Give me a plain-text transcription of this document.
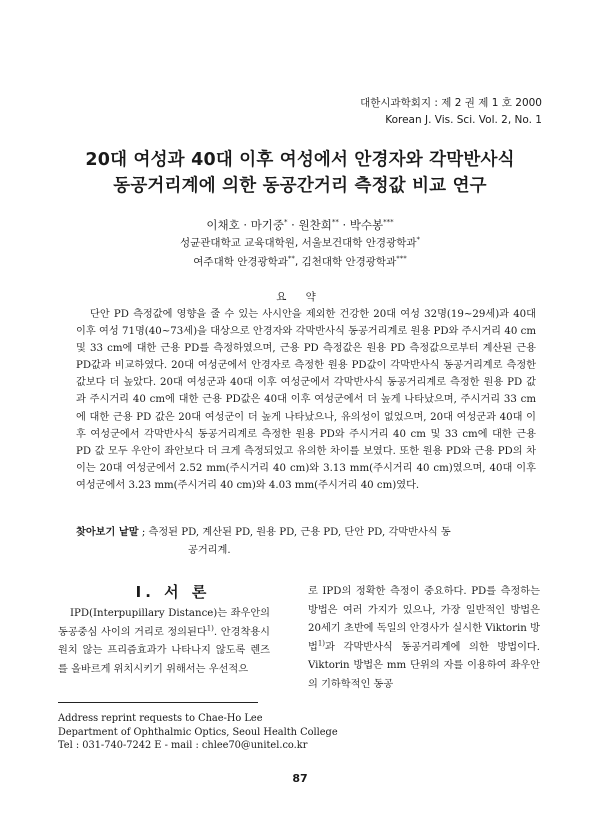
대한시과학회지 : 제 2 권 제 1 호 2000
Korean J. Vis. Sci. Vol. 2, No. 1
20대 여성과 40대 이후 여성에서 안경자와 각막반사식
동공거리계에 의한 동공간거리 측정값 비교 연구
이채호 · 마기중* · 원찬희** · 박수봉***
성균관대학교 교육대학원, 서울보건대학 안경광학과*
여주대학 안경광학과**, 김천대학 안경광학과***
요 약

단안 PD 측정값에 영향을 줄 수 있는 사시안을 제외한 건강한 20대 여성 32명(19~29세)과 40대 이후 여성 71명(40~73세)을 대상으로 안경자와 각막반사식 동공거리계로 원용 PD와 주시거리 40 cm 및 33 cm에 대한 근용 PD를 측정하였으며, 근용 PD 측정값은 원용 PD 측정값으로부터 계산된 근용 PD값과 비교하였다. 20대 여성군에서 안경자로 측정한 원용 PD값이 각막반사식 동공거리계로 측정한 값보다 더 높았다. 20대 여성군과 40대 이후 여성군에서 각막반사식 동공거리계로 측정한 원용 PD 값과 주시거리 40 cm에 대한 근용 PD값은 40대 이후 여성군에서 더 높게 나타났으며, 주시거리 33 cm에 대한 근용 PD 값은 20대 여성군이 더 높게 나타났으나, 유의성이 없었으며, 20대 여성군과 40대 이후 여성군에서 각막반사식 동공거리계로 측정한 원용 PD와 주시거리 40 cm 및 33 cm에 대한 근용 PD 값 모두 우안이 좌안보다 더 크게 측정되었고 유의한 차이를 보였다. 또한 원용 PD와 근용 PD의 차이는 20대 여성군에서 2.52 mm(주시거리 40 cm)와 3.13 mm(주시거리 40 cm)였으며, 40대 이후 여성군에서 3.23 mm(주시거리 40 cm)와 4.03 mm(주시거리 40 cm)였다.

찾아보기 낱말 ; 측정된 PD, 계산된 PD, 원용 PD, 근용 PD, 단안 PD, 각막반사식 동
공거리계.

I. 서 론

IPD(Interpupillary Distance)는 좌우안의 동공중심 사이의 거리로 정의된다$^{1)}$. 안경착용시 원치 않는 프리즘효과가 나타나지 않도록 렌즈를 올바르게 위치시키기 위해서는 우선적으

로 IPD의 정확한 측정이 중요하다. PD를 측정하는 방법은 여러 가지가 있으나, 가장 일반적인 방법은 20세기 초반에 독일의 안경사가 실시한 Viktorin 방법$^{1)}$과 각막반사식 동공거리계에 의한 방법이다. Viktorin 방법은 mm 단위의 자를 이용하여 좌우안의 기하학적인 동공

Address reprint requests to Chae-Ho Lee
Department of Ophthalmic Optics, Seoul Health College
Tel : 031-740-7242 E - mail : chlee70@unitel.co.kr
87
